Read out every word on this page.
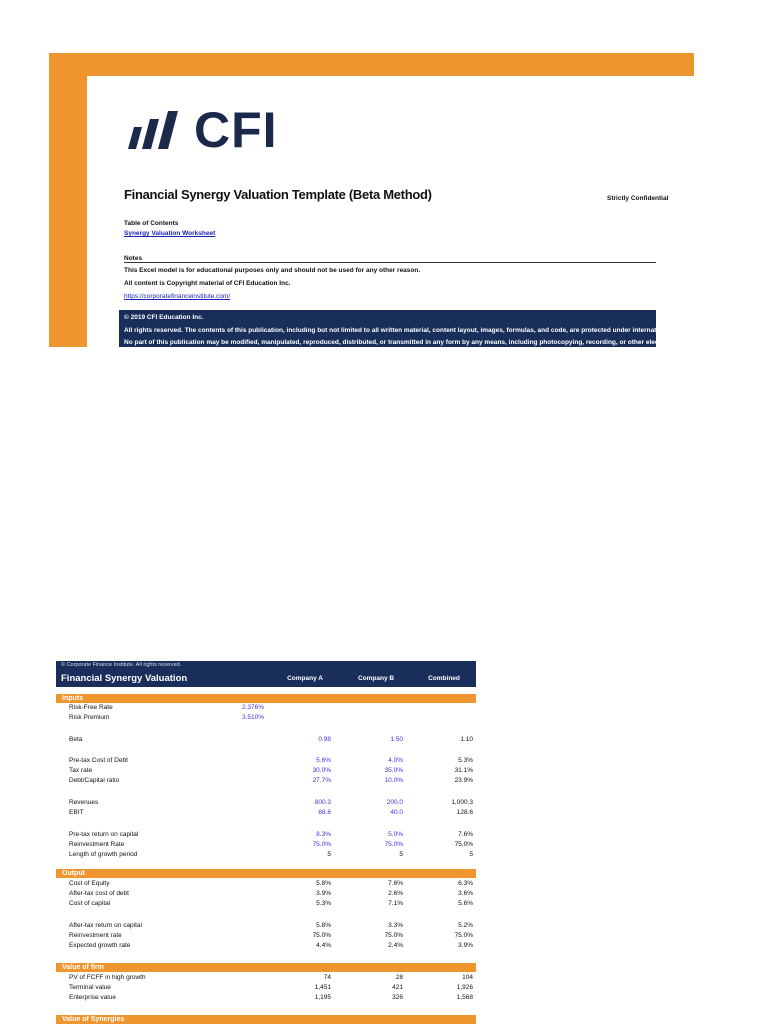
CFI
Financial Synergy Valuation Template (Beta Method)	Strictly Confidential
Table of Contents
Synergy Valuation Worksheet
Notes
This Excel model is for educational purposes only and should not be used for any other reason.
All content is Copyright material of CFI Education Inc.
https://corporatefinanceinstitute.com/
© 2019 CFI Education Inc.
All rights reserved. The contents of this publication, including but not limited to all written material, content layout, images, formulas, and code, are protected under international copyright and trademark laws.
No part of this publication may be modified, manipulated, reproduced, distributed, or transmitted in any form by any means, including photocopying, recording, or other electronic or mechanical methods,
© Corporate Finance Institute. All rights reserved.
Financial Synergy Valuation	Company A	Company B	Combined
Inputs
Risk-Free Rate	2.376%
Risk Premium	3.510%
Beta	0.98	1.50	1.10
Pre-tax Cost of Debt	5.6%	4.0%	5.3%
Tax rate	30.0%	35.0%	31.1%
Debt/Capital ratio	27.7%	10.0%	23.9%
Revenues	800.3	200.0	1,000.3
EBIT	88.6	40.0	128.6
Pre-tax return on capital	8.3%	5.0%	7.6%
Reinvestment Rate	75.0%	75.0%	75.0%
Length of growth period	5	5	5
Output
Cost of Equity	5.8%	7.6%	6.3%
After-tax cost of debt	3.9%	2.6%	3.6%
Cost of capital	5.3%	7.1%	5.6%
After-tax return on capital	5.8%	3.3%	5.2%
Reinvestment rate	75.0%	75.0%	75.0%
Expected growth rate	4.4%	2.4%	3.9%
Value of firm
PV of FCFF in high growth	74	28	104
Terminal value	1,451	421	1,926
Enterprise value	1,195	326	1,568
Value of Synergies
